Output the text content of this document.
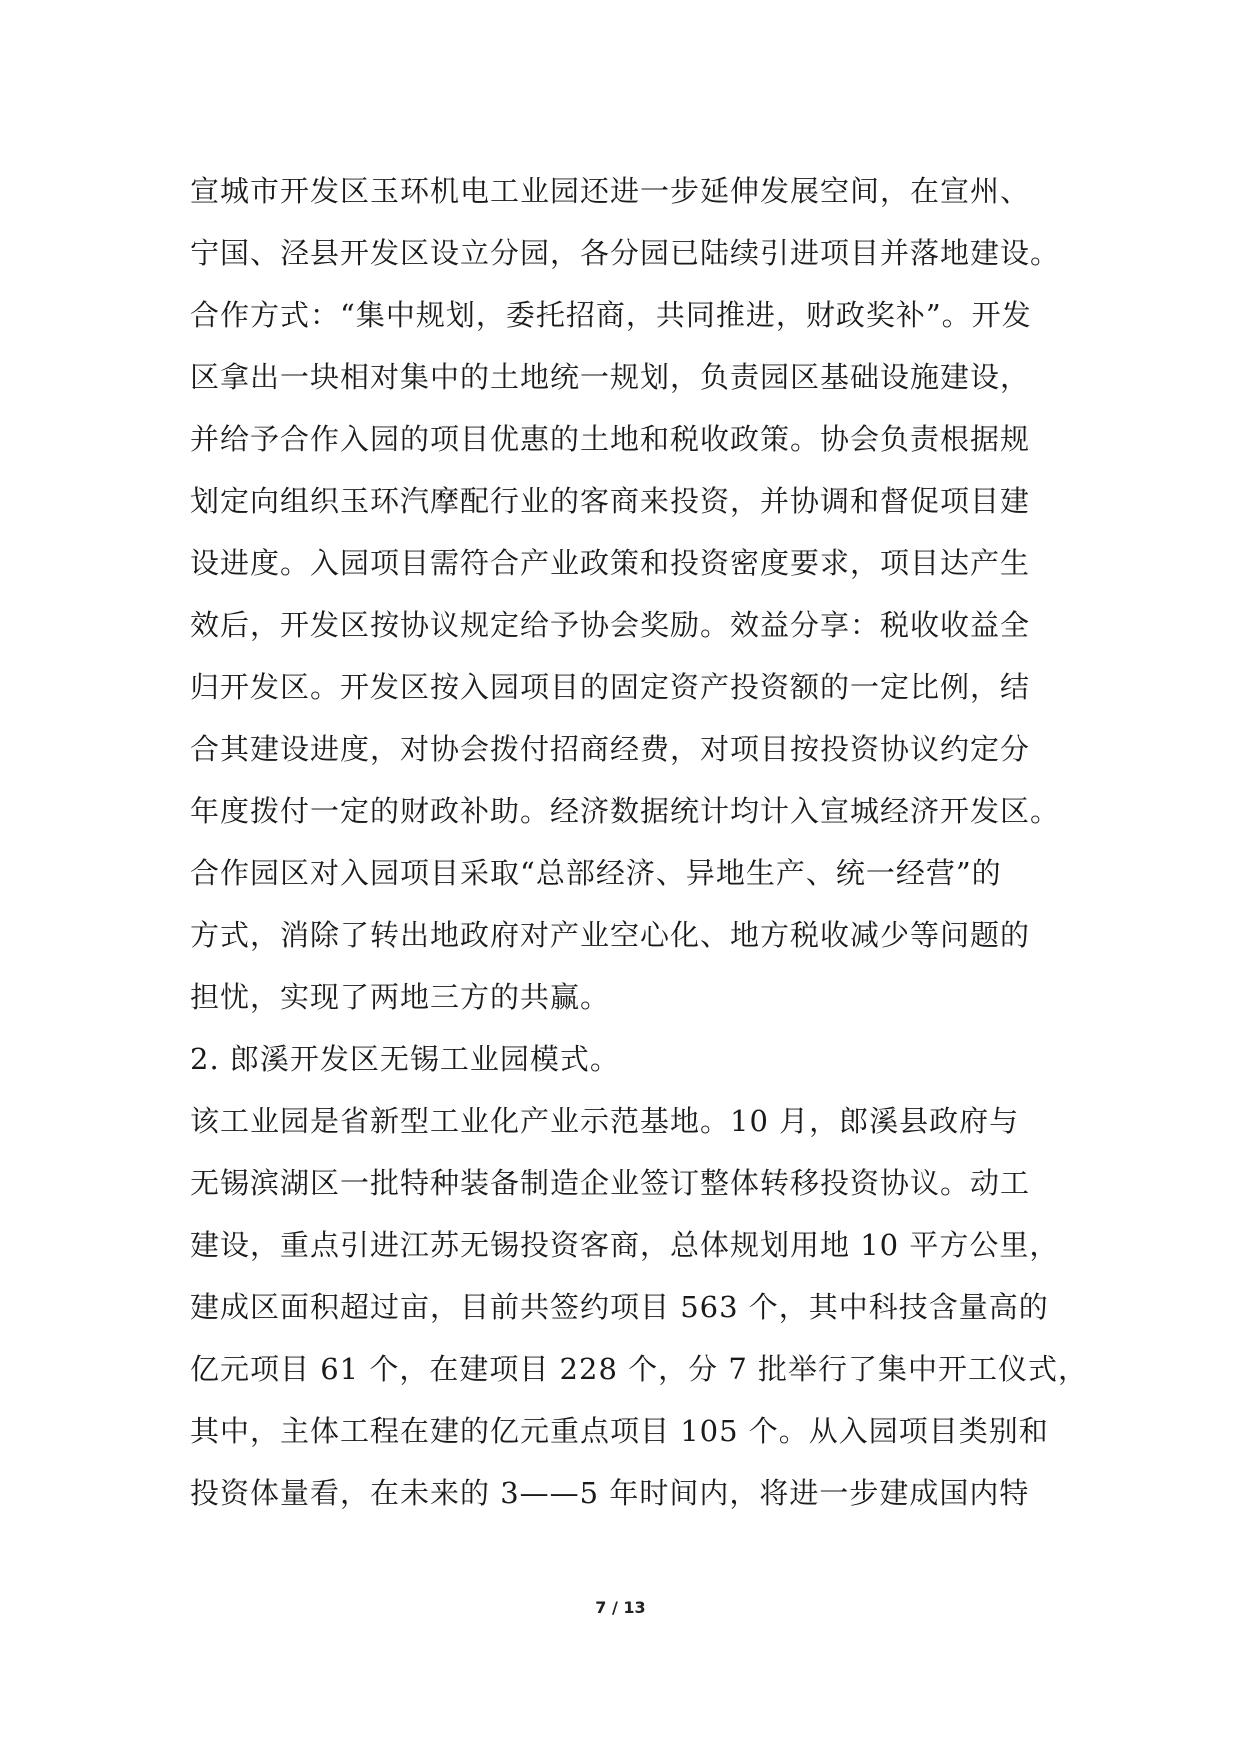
宣城市开发区玉环机电工业园还进一步延伸发展空间，在宣州、
宁国、泾县开发区设立分园，各分园已陆续引进项目并落地建设。
合作方式：“集中规划，委托招商，共同推进，财政奖补”。开发
区拿出一块相对集中的土地统一规划，负责园区基础设施建设，
并给予合作入园的项目优惠的土地和税收政策。协会负责根据规
划定向组织玉环汽摩配行业的客商来投资，并协调和督促项目建
设进度。入园项目需符合产业政策和投资密度要求，项目达产生
效后，开发区按协议规定给予协会奖励。效益分享：税收收益全
归开发区。开发区按入园项目的固定资产投资额的一定比例，结
合其建设进度，对协会拨付招商经费，对项目按投资协议约定分
年度拨付一定的财政补助。经济数据统计均计入宣城经济开发区。
合作园区对入园项目采取“总部经济、异地生产、统一经营”的
方式，消除了转出地政府对产业空心化、地方税收减少等问题的
担忧，实现了两地三方的共赢。
2. 郎溪开发区无锡工业园模式。
该工业园是省新型工业化产业示范基地。10 月，郎溪县政府与
无锡滨湖区一批特种装备制造企业签订整体转移投资协议。动工
建设，重点引进江苏无锡投资客商，总体规划用地 10 平方公里，
建成区面积超过亩，目前共签约项目 563 个，其中科技含量高的
亿元项目 61 个，在建项目 228 个，分 7 批举行了集中开工仪式，
其中，主体工程在建的亿元重点项目 105 个。从入园项目类别和
投资体量看，在未来的 3——5 年时间内，将进一步建成国内特
7 / 13
